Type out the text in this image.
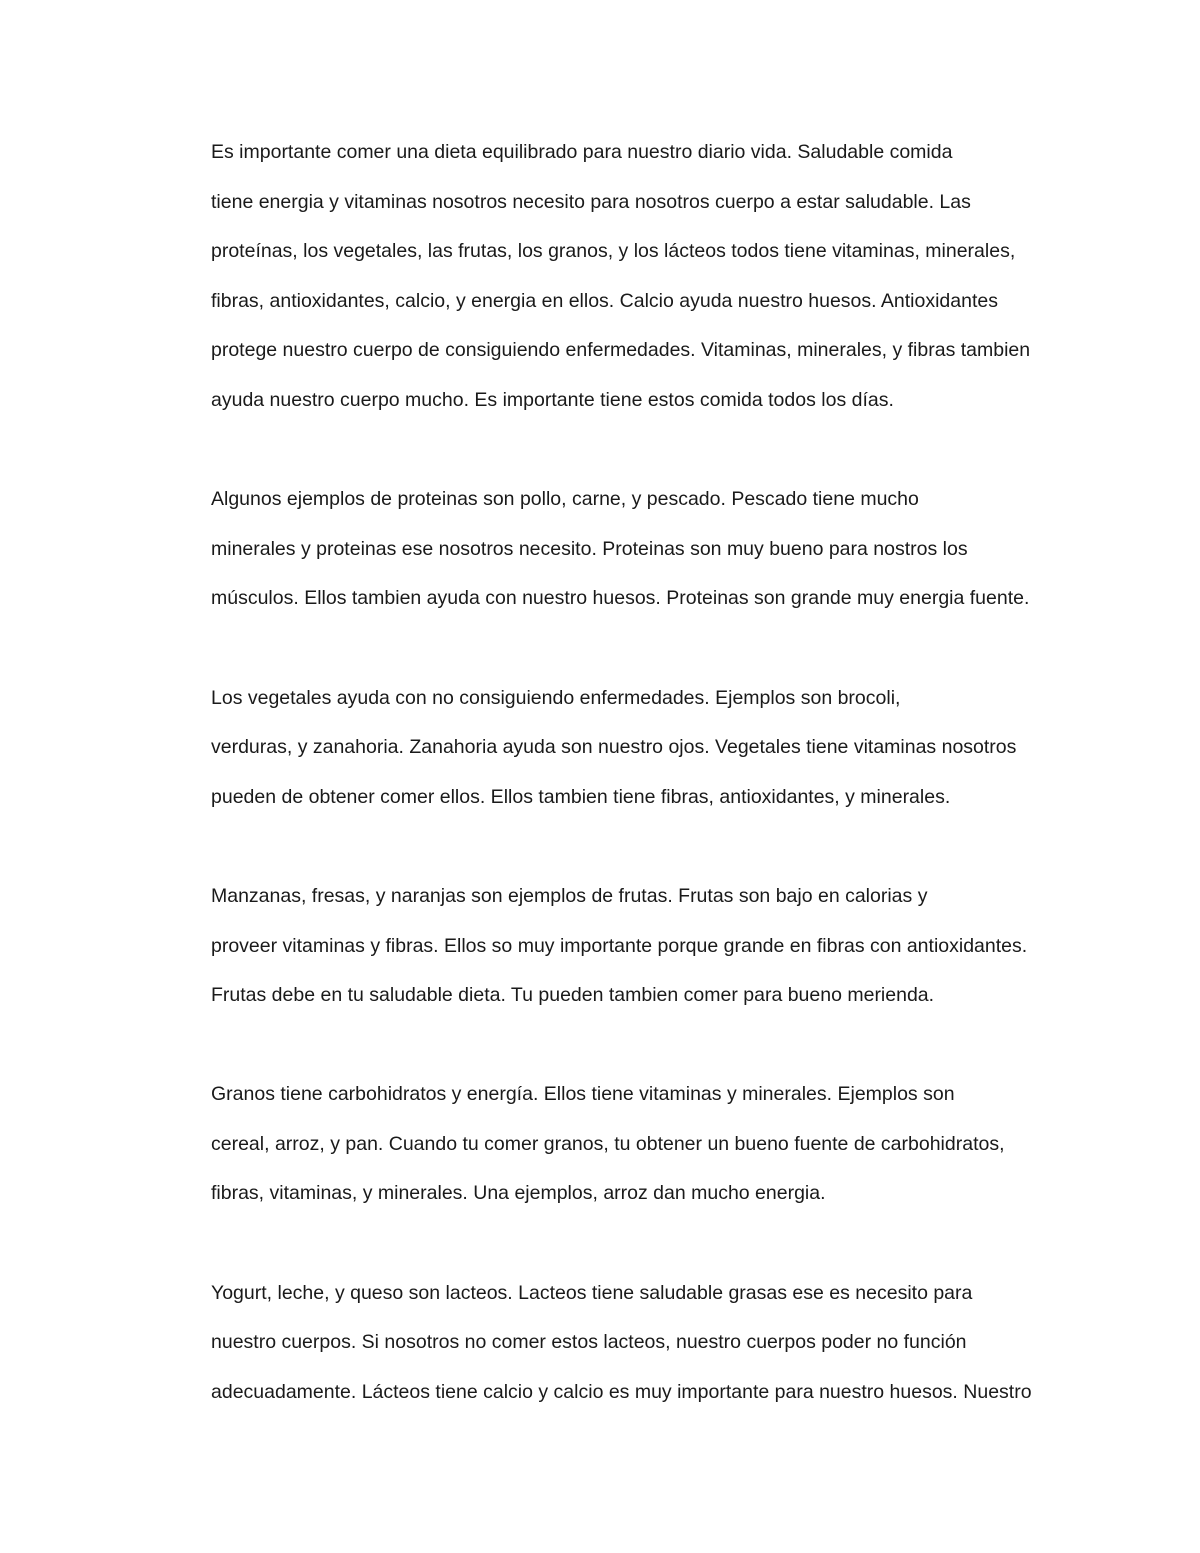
Es importante comer una dieta equilibrado para nuestro diario vida. Saludable comida
tiene energia y vitaminas nosotros necesito para nosotros cuerpo a estar saludable. Las
proteínas, los vegetales, las frutas, los granos, y los lácteos todos tiene vitaminas, minerales,
fibras, antioxidantes, calcio, y energia en ellos. Calcio ayuda nuestro huesos. Antioxidantes
protege nuestro cuerpo de consiguiendo enfermedades. Vitaminas, minerales, y fibras tambien
ayuda nuestro cuerpo mucho. Es importante tiene estos comida todos los días.

Algunos ejemplos de proteinas son pollo, carne, y pescado. Pescado tiene mucho
minerales y proteinas ese nosotros necesito. Proteinas son muy bueno para nostros los
músculos. Ellos tambien ayuda con nuestro huesos. Proteinas son grande muy energia fuente.

Los vegetales ayuda con no consiguiendo enfermedades. Ejemplos son brocoli,
verduras, y zanahoria. Zanahoria ayuda son nuestro ojos. Vegetales tiene vitaminas nosotros
pueden de obtener comer ellos. Ellos tambien tiene fibras, antioxidantes, y minerales.

Manzanas, fresas, y naranjas son ejemplos de frutas. Frutas son bajo en calorias y
proveer vitaminas y fibras. Ellos so muy importante porque grande en fibras con antioxidantes.
Frutas debe en tu saludable dieta. Tu pueden tambien comer para bueno merienda.

Granos tiene carbohidratos y energía. Ellos tiene vitaminas y minerales. Ejemplos son
cereal, arroz, y pan. Cuando tu comer granos, tu obtener un bueno fuente de carbohidratos,
fibras, vitaminas, y minerales. Una ejemplos, arroz dan mucho energia.

Yogurt, leche, y queso son lacteos. Lacteos tiene saludable grasas ese es necesito para
nuestro cuerpos. Si nosotros no comer estos lacteos, nuestro cuerpos poder no función
adecuadamente. Lácteos tiene calcio y calcio es muy importante para nuestro huesos. Nuestro
